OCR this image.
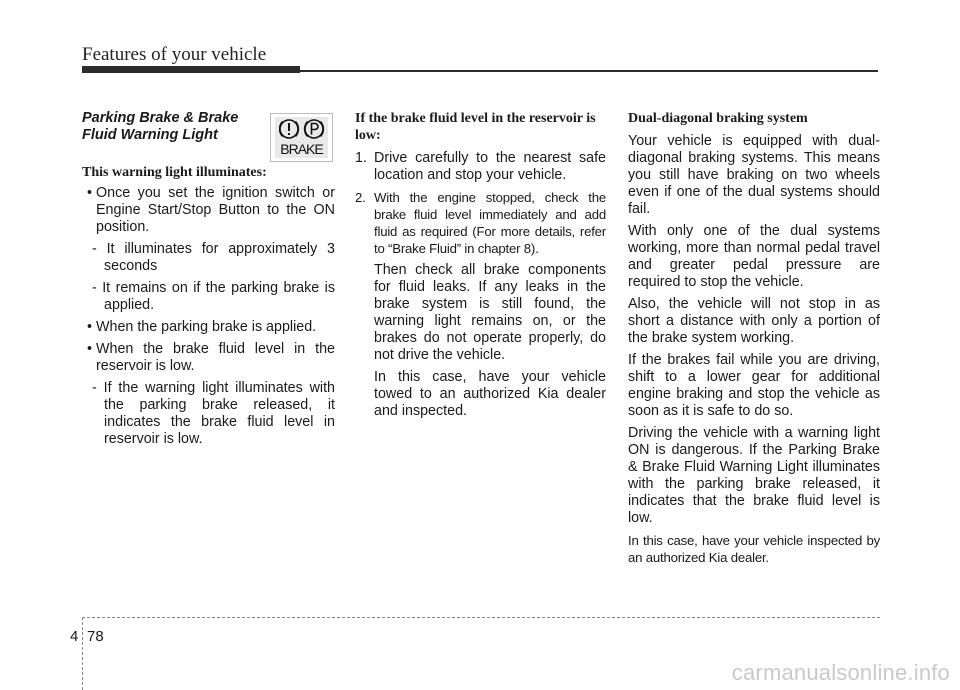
Features of your vehicle
Parking Brake & Brake Fluid Warning Light
This warning light illuminates:
• Once you set the ignition switch or Engine Start/Stop Button to the ON position.
- It illuminates for approximately 3 seconds
- It remains on if the parking brake is applied.
• When the parking brake is applied.
• When the brake fluid level in the reservoir is low.
- If the warning light illuminates with the parking brake released, it indicates the brake fluid level in reservoir is low.
BRAKE
If the brake fluid level in the reservoir is low:
1. Drive carefully to the nearest safe location and stop your vehicle.
2. With the engine stopped, check the brake fluid level immediately and add fluid as required (For more details, refer to “Brake Fluid” in chapter 8).
Then check all brake components for fluid leaks. If any leaks in the brake system is still found, the warning light remains on, or the brakes do not operate properly, do not drive the vehicle.
In this case, have your vehicle towed to an authorized Kia dealer and inspected.
Dual-diagonal braking system

Your vehicle is equipped with dual-diagonal braking systems. This means you still have braking on two wheels even if one of the dual systems should fail.

With only one of the dual systems working, more than normal pedal travel and greater pedal pressure are required to stop the vehicle.

Also, the vehicle will not stop in as short a distance with only a portion of the brake system working.

If the brakes fail while you are driving, shift to a lower gear for additional engine braking and stop the vehicle as soon as it is safe to do so.

Driving the vehicle with a warning light ON is dangerous. If the Parking Brake & Brake Fluid Warning Light illuminates with the parking brake released, it indicates that the brake fluid level is low.

In this case, have your vehicle inspected by an authorized Kia dealer.

4 78
carmanualsonline.info
